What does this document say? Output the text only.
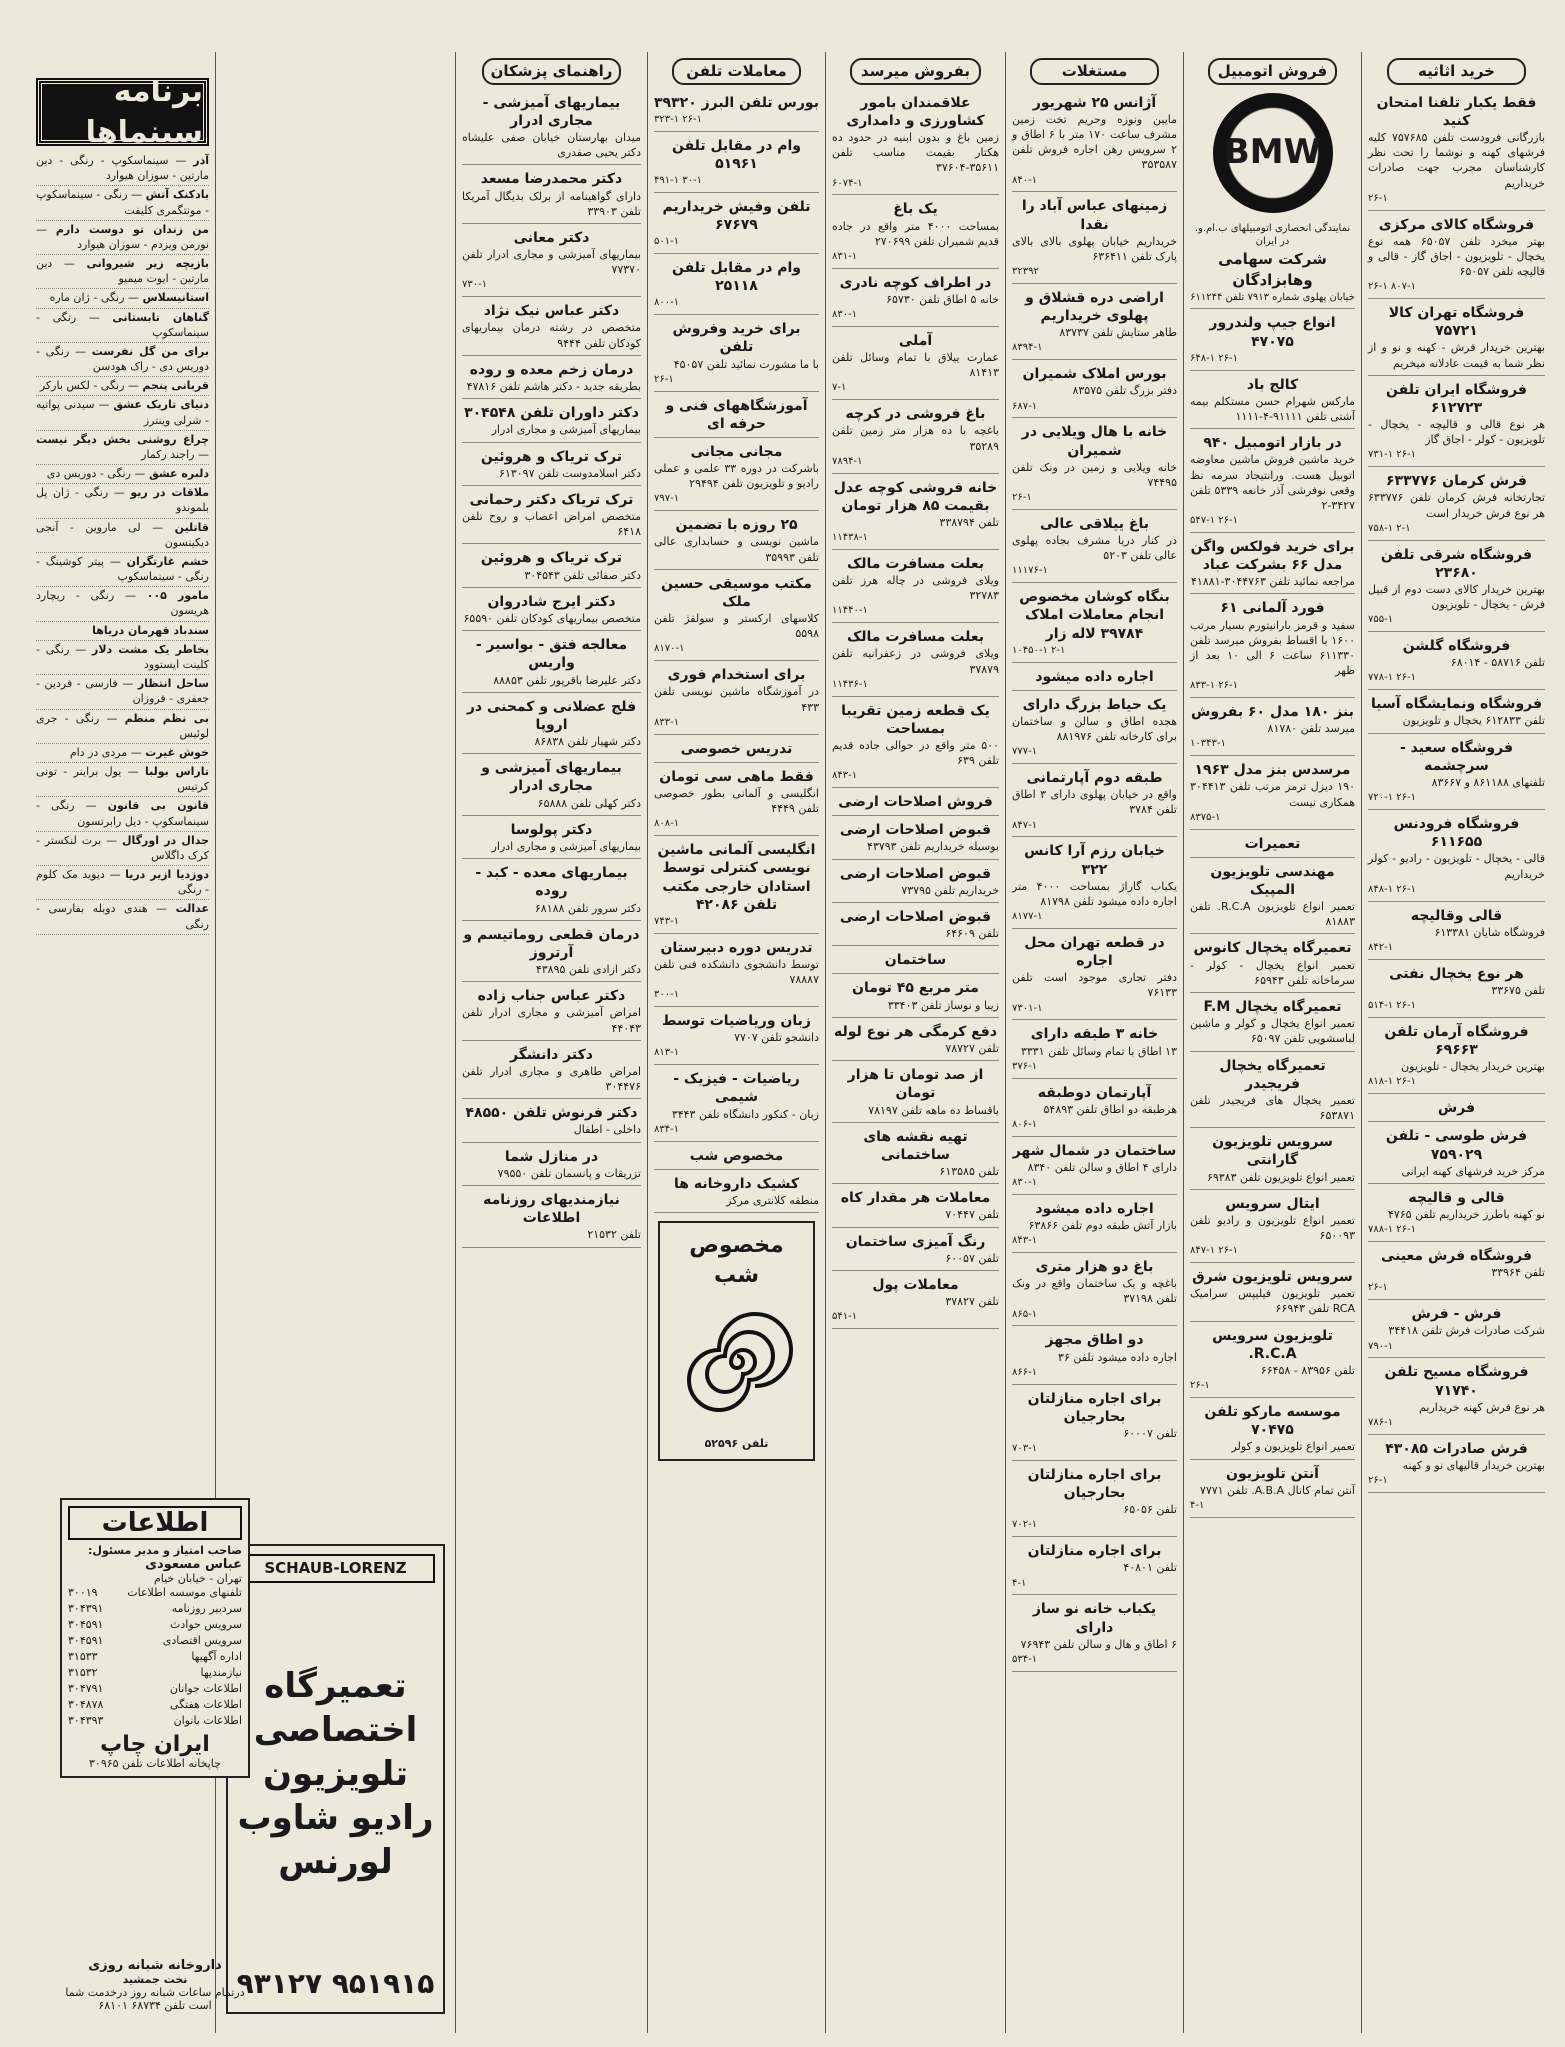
خرید اثاثیه
فقط یکبار تلفنا امتحان کنید
بازرگانی فرودست تلفن ۷۵۷۶۸۵ کلیه فرشهای کهنه و نوشما را تحت نظر کارشناسان مجرب جهت صادرات خریداریم
۲۶-۱
فروشگاه کالای مرکزی
بهتر میخرد تلفن ۶۵۰۵۷ همه نوع یخچال - تلویزیون - اجاق گاز - قالی و قالیچه تلفن ۶۵۰۵۷
۲۶-۱ ۸۰۷-۱
فروشگاه تهران کالا ۷۵۷۲۱
بهترین خریدار فرش - کهنه و نو و از نظر شما به قیمت عادلانه میخریم
فروشگاه ایران تلفن ۶۱۲۷۲۳
هر نوع قالی و قالیچه - یخچال - تلویزیون - کولر - اجاق گاز
۷۳۱-۱ ۲۶-۱
فرش کرمان ۶۳۳۷۷۶
تجارتخانه فرش کرمان تلفن ۶۳۳۷۷۶ هر نوع فرش خریدار است
۷۵۸-۱ ۲-۱
فروشگاه شرقی تلفن ۲۳۶۸۰
بهترین خریدار کالای دست دوم از قبیل فرش - یخچال - تلویزیون
۷۵۵-۱
فروشگاه گلشن
تلفن ۵۸۷۱۶ - ۶۸۰۱۴
۷۷۸-۱ ۲۶-۱
فروشگاه ونمایشگاه آسیا
تلفن ۶۱۲۸۳۳ یخچال و تلویزیون
فروشگاه سعید - سرچشمه
تلفنهای ۸۶۱۱۸۸ و ۸۳۶۶۷
۷۲۰-۱ ۲۶-۱
فروشگاه فرودنس ۶۱۱۶۵۵
قالی - یخچال - تلویزیون - رادیو - کولر خریداریم
۸۴۸-۱ ۲۶-۱
قالی وقالیچه
فروشگاه شایان ۶۱۳۳۸۱
۸۴۲-۱
هر نوع یخچال نفتی
تلفن ۳۳۶۷۵
۵۱۴-۱ ۲۶-۱
فروشگاه آرمان تلفن ۶۹۶۶۳
بهترین خریدار یخچال - تلویزیون
۸۱۸-۱ ۲۶-۱
فرش
فرش طوسی - تلفن ۷۵۹۰۲۹
مرکز خرید فرشهای کهنه ایرانی
قالی و قالیچه
نو کهنه باطرز خریداریم تلفن ۴۷۶۵
۷۸۸-۱ ۲۶-۱
فروشگاه فرش معینی
تلفن ۳۳۹۶۴
۲۶-۱
فرش - فرش
شرکت صادرات فرش تلفن ۳۴۴۱۸
۷۹۰-۱
فروشگاه مسیح تلفن ۷۱۷۴۰
هر نوع فرش کهنه خریداریم
۷۸۶-۱
فرش صادرات ۴۳۰۸۵
بهترین خریدار قالیهای نو و کهنه
۲۶-۱
فروش اتومبیل
BMW
نمایندگی انحصاری اتومبیلهای ب.ام.و. در ایران
شرکت سهامی وهابزادگان
خیابان پهلوی شماره ۷۹۱۳ تلفن ۶۱۱۲۴۴
انواع جیپ ولندرور ۴۷۰۷۵
۶۴۸-۱ ۲۶-۱
کالج باد
مارکس شهرام حسن مستکلم بیمه آشتی تلفن ۹۱۱۱۱-۴-۱۱۱۱
در بازار اتومبیل ۹۴۰
خرید ماشین فروش ماشین معاوضه اتوبیل هست. ورانتیجاد سرمه نظ وقعی نوفرشی آذر خانعه ۵۳۳۹ تلفن ۳۴۲۷-۲
۵۴۷-۱ ۲۶-۱
برای خرید فولکس واگن مدل ۶۶ بشرکت عباد
مراجعه نمائید تلفن ۳۰۴۴۷۶۳-۴۱۸۸۱
فورد آلمانی ۶۱
سفید و قرمز بارانیتورم بسیار مرتب ۱۶۰۰ با اقساط بفروش میرسد تلفن ۶۱۱۳۳۰ ساعت ۶ الی ۱۰ بعد از ظهر
۸۳۳-۱ ۲۶-۱
بنز ۱۸۰ مدل ۶۰ بفروش
میرسد تلفن ۸۱۷۸۰
۱۰۳۴۳-۱
مرسدس بنز مدل ۱۹۶۳
۱۹۰ دیزل ترمز مرتب تلفن ۳۰۴۴۱۳ همکاری نیست
۸۳۷۵-۱
تعمیرات
مهندسی تلویزیون المپیک
تعمیر انواع تلویزیون R.C.A. تلفن ۸۱۸۸۳
تعمیرگاه یخچال کانوس
تعمیر انواع یخچال - کولر - سرماخانه تلفن ۶۵۹۴۳
تعمیرگاه یخچال F.M
تعمیر انواع یخچال و کولر و ماشین لباسشویی تلفن ۶۵۰۹۷
تعمیرگاه یخچال فریجیدر
تعمیر یخچال های فریجیدر تلفن ۶۵۳۸۷۱
سرویس تلویزیون گارانتی
تعمیر انواع تلویزیون تلفن ۶۹۳۸۳
ایتال سرویس
تعمیر انواع تلویزیون و رادیو تلفن ۶۵۰۰۹۳
۸۴۷-۱ ۲۶-۱
سرویس تلویزیون شرق
تعمیر تلویزیون فیلیپس سرامیک RCA تلفن ۶۶۹۴۳
تلویزیون سرویس R.C.A.
تلفن ۸۳۹۵۶ - ۶۶۴۵۸
۲۶-۱
موسسه مارکو تلفن ۷۰۴۷۵
تعمیر انواع تلویزیون و کولر
آنتن تلویزیون
آنتن تمام کانال A.B.A. تلفن ۷۷۷۱
۴-۱
مستغلات
آژانس ۲۵ شهریور
مایین ونوزه وحریم تخت زمین مشرف ساعت ۱۷۰ متر با ۶ اطاق و ۲ سرویس رهن اجاره فروش تلفن ۳۵۳۵۸۷
۸۴۰-۱
زمینهای عباس آباد را نقدا
خریداریم خیابان پهلوی بالای بالای پارک تلفن ۶۳۶۴۱۱
۳۲۳۹۲
اراضی دره قشلاق و پهلوی خریداریم
طاهر ستایش تلفن ۸۳۷۳۷
۸۳۹۴-۱
بورس املاک شمیران
دفتر بزرگ تلفن ۸۳۵۷۵
۶۸۷-۱
خانه با هال ویلایی در شمیران
خانه ویلایی و زمین در ونک تلفن ۷۴۴۹۵
۲۶-۱
باغ ییلاقی عالی
در کنار دریا مشرف بجاده پهلوی عالی تلفن ۵۲۰۳
۱۱۱۷۶-۱
بنگاه کوشان مخصوص انجام معاملات املاک ۳۹۷۸۴ لاله زار
۱۰۴۵۰-۱ ۲-۱
اجاره داده میشود
یک حیاط بزرگ دارای
هجده اطاق و سالن و ساختمان برای کارخانه تلفن ۸۸۱۹۷۶
۷۷۷-۱
طبقه دوم آپارتمانی
واقع در خیابان پهلوی دارای ۳ اطاق تلفن ۳۷۸۴
۸۴۷-۱
خیابان رزم آرا کانس ۳۲۲
یکباب گاراژ بمساحت ۴۰۰۰ متر اجاره داده میشود تلفن ۸۱۷۹۸
۸۱۷۷-۱
در قطعه تهران محل اجاره
دفتر تجاری موجود است تلفن ۷۶۱۳۳
۷۳۰۱-۱
خانه ۳ طبقه دارای
۱۳ اطاق با تمام وسائل تلفن ۳۳۳۱
۳۷۶-۱
آپارتمان دوطبقه
هرطبقه دو اطاق تلفن ۵۴۸۹۳
۸۰۶-۱
ساختمان در شمال شهر
دارای ۴ اطاق و سالن تلفن ۸۳۴۰
۸۳۰-۱
اجاره داده میشود
بازار آتش طبقه دوم تلفن ۶۳۸۶۶
۸۴۳-۱
باغ دو هزار متری
باغچه و یک ساختمان واقع در ونک تلفن ۳۷۱۹۸
۸۶۵-۱
دو اطاق مجهز
اجاره داده میشود تلفن ۳۶
۸۶۶-۱
برای اجاره منازلتان بحارجیان
تلفن ۶۰۰۰۷
۷۰۳-۱
برای اجاره منازلتان بحارجیان
تلفن ۶۵۰۵۶
۷۰۲-۱
برای اجاره منازلتان
تلفن ۴۰۸۰۱
۴-۱
یکباب خانه نو ساز دارای
۶ اطاق و هال و سالن تلفن ۷۶۹۴۳
۵۳۴-۱
بفروش میرسد
علاقمندان بامور کشاورزی و دامداری
زمین باغ و بدون ابنیه در حدود ده هکتار بقیمت مناسب تلفن ۳۵۶۱۱-۳۷۶۰۴
۶۰۷۴-۱
یک باغ
بمساحت ۴۰۰۰ متر واقع در جاده قدیم شمیران تلفن ۲۷۰۶۹۹
۸۳۱-۱
در اطراف کوچه نادری
خانه ۵ اطاق تلفن ۶۵۷۳۰
۸۳۰-۱
آملی
عمارت ییلاق با تمام وسائل تلفن ۸۱۴۱۳
۷-۱
باغ فروشی در کرچه
باغچه با ده هزار متر زمین تلفن ۳۵۲۸۹
۷۸۹۴-۱
خانه فروشی کوچه عدل بقیمت ۸۵ هزار تومان
تلفن ۳۳۸۷۹۴
۱۱۴۳۸-۱
بعلت مسافرت مالک
ویلای فروشی در چاله هرز تلفن ۳۲۷۸۳
۱۱۴۴۰-۱
بعلت مسافرت مالک
ویلای فروشی در زعفرانیه تلفن ۳۷۸۷۹
۱۱۴۳۶-۱
یک قطعه زمین تقریبا بمساحت
۵۰۰ متر واقع در حوالی جاده قدیم تلفن ۶۳۹
۸۴۳-۱
فروش اصلاحات ارضی
قبوض اصلاحات ارضی
بوسیله خریداریم تلفن ۴۳۷۹۳
قبوض اصلاحات ارضی
خریداریم تلفن ۷۳۷۹۵
قبوض اصلاحات ارضی
تلفن ۶۴۶۰۹
ساختمان
متر مربع ۴۵ تومان
زیبا و نوساز تلفن ۳۳۴۰۳
دفع کرمگی هر نوع لوله
تلفن ۷۸۷۲۷
از صد تومان تا هزار تومان
باقساط ده ماهه تلفن ۷۸۱۹۷
تهیه نقشه های ساختمانی
تلفن ۶۱۳۵۸۵
معاملات هر مقدار کاه
تلفن ۷۰۴۴۷
رنگ آمیزی ساختمان
تلفن ۶۰۰۵۷
معاملات پول
تلفن ۳۷۸۲۷
۵۴۱-۱
معاملات تلفن
بورس تلفن البرز ۳۹۳۲۰
۳۲۳-۱ ۲۶-۱
وام در مقابل تلفن ۵۱۹۶۱
۴۹۱-۱ ۳۰-۱
تلفن وفیش خریداریم ۶۷۶۷۹
۵۰۱-۱
وام در مقابل تلفن ۲۵۱۱۸
۸۰۰-۱
برای خرید وفروش تلفن
با ما مشورت نمائید تلفن ۴۵۰۵۷
۲۶-۱
آموزشگاههای فنی و حرفه ای
مجانی مجانی
باشرکت در دوره ۳۳ علمی و عملی رادیو و تلویزیون تلفن ۲۹۴۹۴
۷۹۷-۱
۲۵ روزه با تضمین
ماشین نویسی و حسابداری عالی تلفن ۳۵۹۹۳
مکتب موسیقی حسین ملک
کلاسهای ارکستر و سولفژ تلفن ۵۵۹۸
۸۱۷۰-۱
برای استخدام فوری
در آموزشگاه ماشین نویسی تلفن ۴۳۳
۸۳۳-۱
تدریس خصوصی
فقط ماهی سی تومان
انگلیسی و آلمانی بطور خصوصی تلفن ۴۴۴۹
۸۰۸-۱
انگلیسی آلمانی ماشین نویسی کنترلی توسط استادان خارجی مکتب تلفن ۴۲۰۸۶
۷۴۳-۱
تدریس دوره دبیرستان
توسط دانشجوی دانشکده فنی تلفن ۷۸۸۸۷
۳۰۰-۱
زبان وریاضیات توسط
دانشجو تلفن ۷۷۰۷
۸۱۳-۱
ریاضیات - فیزیک - شیمی
زبان - کنکور دانشگاه تلفن ۳۴۴۳
۸۳۴-۱
مخصوص شب
کشیک داروخانه ها
منطقه کلانتری مرکز
مخصوص شب
تلفن ۵۲۵۹۶
راهنمای پزشکان
بیماریهای آمیزشی - مجاری ادرار
میدان بهارستان خیابان صفی علیشاه دکتر یحیی صفدری
دکتر محمدرضا مسعد
دارای گواهینامه از برلک بدیگال آمریکا تلفن ۳۳۹۰۳
دکتر معانی
بیماریهای آمیزشی و مجاری ادرار تلفن ۷۷۳۷۰
۷۳۰-۱
دکتر عباس نیک نژاد
متخصص در رشته درمان بیماریهای کودکان تلفن ۹۴۴۴
درمان زخم معده و روده
بطریقه جدید - دکتر هاشم تلفن ۴۷۸۱۶
دکتر داوران تلفن ۳۰۴۵۴۸
بیماریهای آمیزشی و مجاری ادرار
ترک تریاک و هروئین
دکتر اسلامدوست تلفن ۶۱۳۰۹۷
ترک تریاک دکتر رحمانی
متخصص امراض اعصاب و روح تلفن ۶۴۱۸
ترک تریاک و هروئین
دکتر صفائی تلفن ۳۰۴۵۴۳
دکتر ایرج شادروان
متخصص بیماریهای کودکان تلفن ۶۵۵۹۰
معالجه فتق - بواسیر - واریس
دکتر علیرضا باقرپور تلفن ۸۸۸۵۳
فلج عضلانی و کمحنی در اروپا
دکتر شهیار تلفن ۸۶۸۳۸
بیماریهای آمیزشی و مجاری ادرار
دکتر کهلی تلفن ۶۵۸۸۸
دکتر پولوسا
بیماریهای آمیزشی و مجاری ادرار
بیماریهای معده - کبد - روده
دکتر سرور تلفن ۶۸۱۸۸
درمان قطعی روماتیسم و آرتروز
دکتر ازادی تلفن ۴۳۸۹۵
دکتر عباس جناب زاده
امراض آمیزشی و مجاری ادرار تلفن ۴۴۰۴۳
دکتر دانشگر
امراض طاهری و مجاری ادرار تلفن ۳۰۴۴۷۶
دکتر فرنوش تلفن ۴۸۵۵۰
داخلی - اطفال
در منازل شما
تزریقات و پانسمان تلفن ۷۹۵۵۰
نیازمندیهای روزنامه اطلاعات
تلفن ۲۱۵۳۲
SCHAUB-LORENZ
تعمیرگاه اختصاصی تلویزیون رادیو شاوب لورنس
۹۳۱۲۷ ۹۵۱۹۱۵
برنامه سینماها
آذر — سینماسکوپ - رنگی - دین مارتین - سوزان هیوارد
بادکنک آتش — رنگی - سینماسکوپ - مونتگمری کلیفت
من زندان تو دوست دارم — نورمن ویزدم - سوزان هیوارد
بازیچه زیر شیروانی — دین مارتین - ایوت میمیو
استانیسلاس — رنگی - ژان ماره
گناهان تابستانی — رنگی - سینماسکوپ
برای من گل نفرست — رنگی - دوریس دی - راک هودسن
قربانی پنجم — رنگی - لکس بارکر
دنیای تاریک عشق — سیدنی پواتیه - شرلی وینترز
چراغ روشنی بخش دیگر نیست — راجند رکمار
دلبره عشق — رنگی - دوریس دی
ملاقات در ریو — رنگی - ژان پل بلموندو
قاتلین — لی ماروین - آنجی دیکینسون
خشم غارتگران — پیتر کوشینگ - رنگی - سینماسکوپ
مامور ۰۰۵ — رنگی - ریچارد هریسون
سندباد قهرمان دریاها
بخاطر یک مشت دلار — رنگی - کلینت ایستوود
ساحل انتظار — فارسی - فردین - جعفری - فروزان
بی نظم منظم — رنگی - جری لوئیس
خوش غیرت — مردی در دام
تاراس بولبا — یول براینر - تونی کرتیس
قانون بی قانون — رنگی - سینماسکوپ - دیل رابرتسون
جدال در اورگال — برت لنکستر - کرک داگلاس
دوزدیا ازیر دریا — دیوید مک کلوم - رنگی
عدالت — هندی دوبله بفارسی - رنگی
اطلاعات
صاحب امتیاز و مدیر مسئول:
عباس مسعودی
تهران - خیابان خیام
تلفنهای موسسه اطلاعات
۳۰۰۱۹
سردبیر روزنامه
۳۰۴۳۹۱
سرویس حوادث
۳۰۴۵۹۱
سرویس اقتصادی
۳۰۴۵۹۱
اداره آگهیها
۳۱۵۳۳
نیازمندیها
۳۱۵۳۲
اطلاعات جوانان
۳۰۴۷۹۱
اطلاعات هفتگی
۳۰۴۸۷۸
اطلاعات بانوان
۳۰۴۳۹۳
ایران چاپ
چاپخانه اطلاعات تلفن ۳۰۹۶۵
داروخانه شبانه روزی
نخت جمشید
درتمام ساعات شبانه روز درخدمت شما است تلفن ۶۸۷۳۴ ۶۸۱۰۱
